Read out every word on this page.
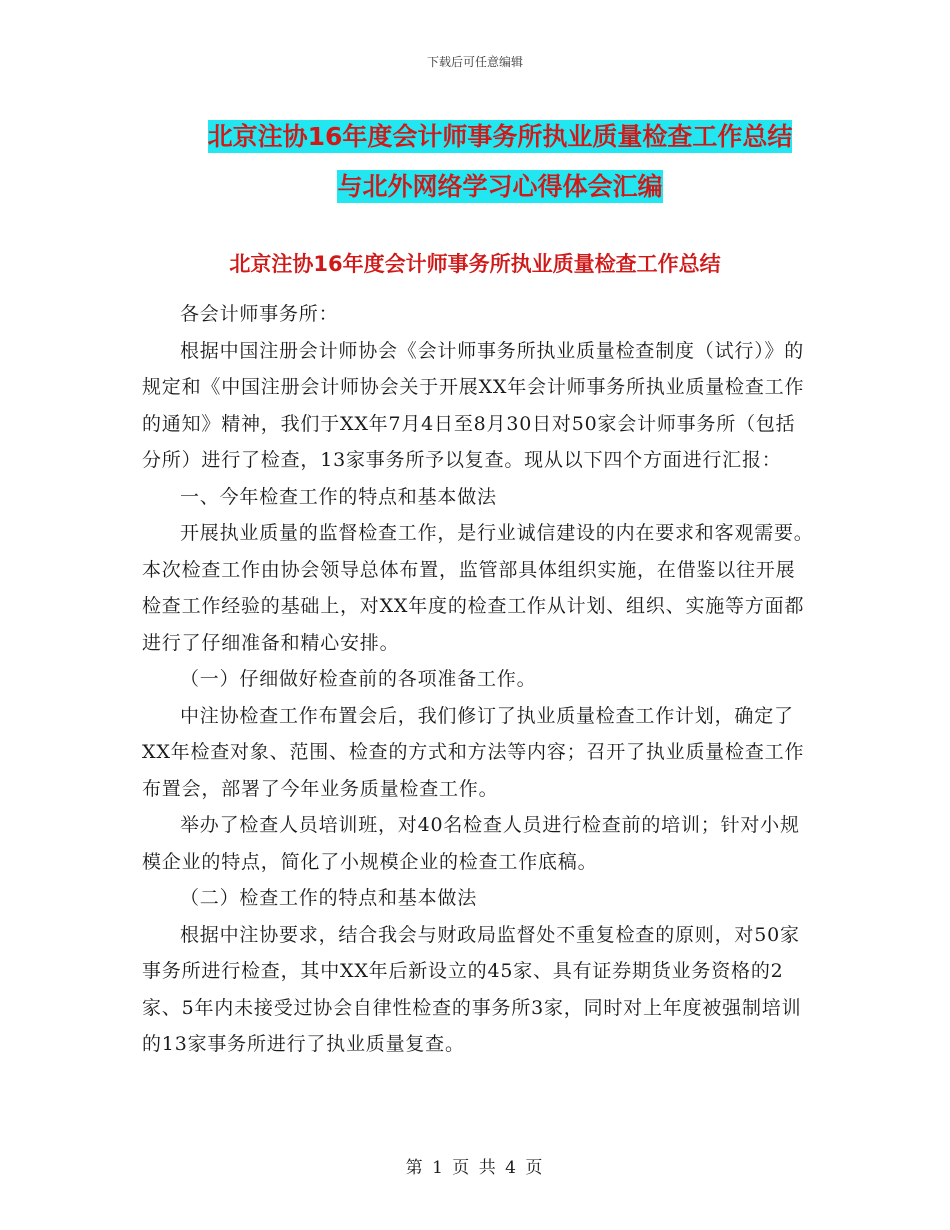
下载后可任意编辑
北京注协16年度会计师事务所执业质量检查工作总结
与北外网络学习心得体会汇编
北京注协16年度会计师事务所执业质量检查工作总结

各会计师事务所：

根据中国注册会计师协会《会计师事务所执业质量检查制度（试行）》的规定和《中国注册会计师协会关于开展XX年会计师事务所执业质量检查工作的通知》精神，我们于XX年7月4日至8月30日对50家会计师事务所（包括分所）进行了检查，13家事务所予以复查。现从以下四个方面进行汇报：

一、今年检查工作的特点和基本做法

开展执业质量的监督检查工作，是行业诚信建设的内在要求和客观需要。本次检查工作由协会领导总体布置，监管部具体组织实施，在借鉴以往开展检查工作经验的基础上，对XX年度的检查工作从计划、组织、实施等方面都进行了仔细准备和精心安排。

（一）仔细做好检查前的各项准备工作。

中注协检查工作布置会后，我们修订了执业质量检查工作计划，确定了XX年检查对象、范围、检查的方式和方法等内容；召开了执业质量检查工作布置会，部署了今年业务质量检查工作。

举办了检查人员培训班，对40名检查人员进行检查前的培训；针对小规模企业的特点，简化了小规模企业的检查工作底稿。

（二）检查工作的特点和基本做法

根据中注协要求，结合我会与财政局监督处不重复检查的原则，对50家事务所进行检查，其中XX年后新设立的45家、具有证券期货业务资格的2家、5年内未接受过协会自律性检查的事务所3家，同时对上年度被强制培训的13家事务所进行了执业质量复查。

第 1 页 共 4 页
